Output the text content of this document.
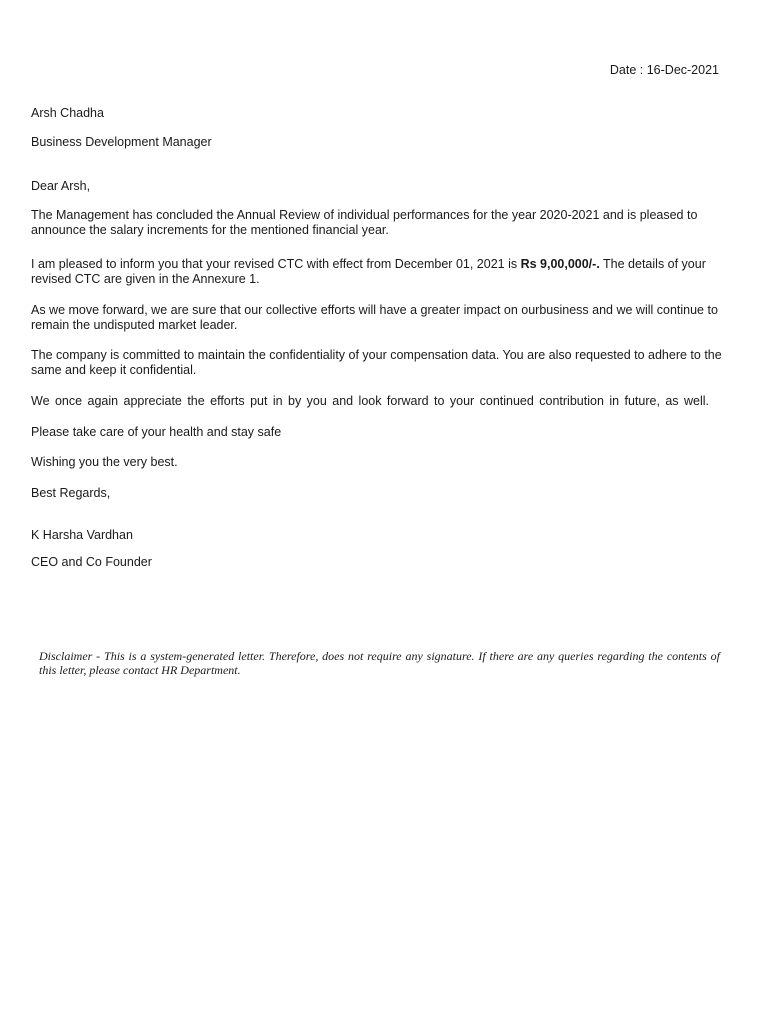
Date : 16-Dec-2021

Arsh Chadha

Business Development Manager

Dear Arsh,

The Management has concluded the Annual Review of individual performances for the year 2020-2021 and is pleased to announce the salary increments for the mentioned financial year.

I am pleased to inform you that your revised CTC with effect from December 01, 2021 is Rs 9,00,000/-. The details of your revised CTC are given in the Annexure 1.

As we move forward, we are sure that our collective efforts will have a greater impact on ourbusiness and we will continue to remain the undisputed market leader.

The company is committed to maintain the confidentiality of your compensation data. You are also requested to adhere to the same and keep it confidential.

We once again appreciate the efforts put in by you and look forward to your continued contribution in future, as well.

Please take care of your health and stay safe

Wishing you the very best.

Best Regards,

K Harsha Vardhan

CEO and Co Founder

Disclaimer - This is a system-generated letter. Therefore, does not require any signature. If there are any queries regarding the contents of this letter, please contact HR Department.
